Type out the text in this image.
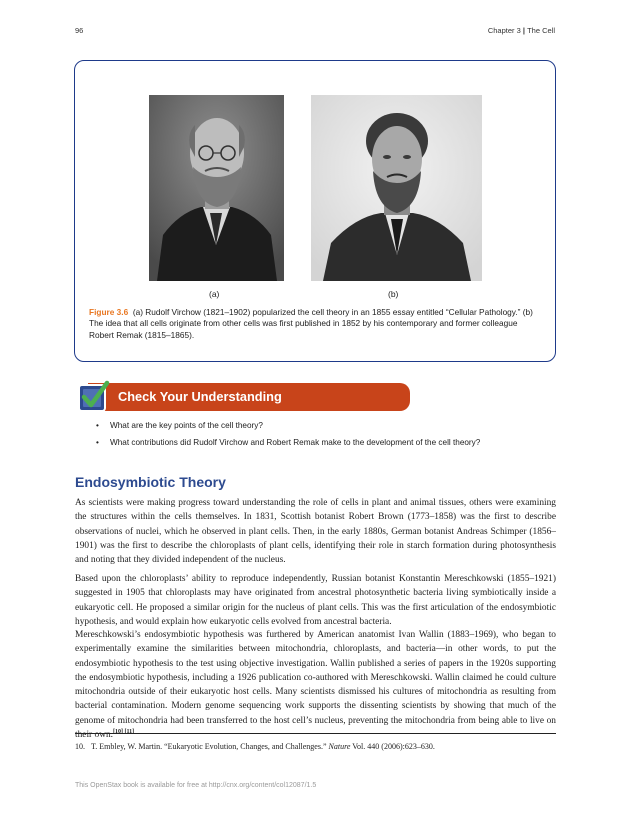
96	Chapter 3 | The Cell
(a)	(b)

Figure 3.6 (a) Rudolf Virchow (1821–1902) popularized the cell theory in an 1855 essay entitled “Cellular Pathology.” (b) The idea that all cells originate from other cells was first published in 1852 by his contemporary and former colleague Robert Remak (1815–1865).

Check Your Understanding
• What are the key points of the cell theory?
• What contributions did Rudolf Virchow and Robert Remak make to the development of the cell theory?
Endosymbiotic Theory

As scientists were making progress toward understanding the role of cells in plant and animal tissues, others were examining the structures within the cells themselves. In 1831, Scottish botanist Robert Brown (1773–1858) was the first to describe observations of nuclei, which he observed in plant cells. Then, in the early 1880s, German botanist Andreas Schimper (1856–1901) was the first to describe the chloroplasts of plant cells, identifying their role in starch formation during photosynthesis and noting that they divided independent of the nucleus.

Based upon the chloroplasts’ ability to reproduce independently, Russian botanist Konstantin Mereschkowski (1855–1921) suggested in 1905 that chloroplasts may have originated from ancestral photosynthetic bacteria living symbiotically inside a eukaryotic cell. He proposed a similar origin for the nucleus of plant cells. This was the first articulation of the endosymbiotic hypothesis, and would explain how eukaryotic cells evolved from ancestral bacteria.

Mereschkowski’s endosymbiotic hypothesis was furthered by American anatomist Ivan Wallin (1883–1969), who began to experimentally examine the similarities between mitochondria, chloroplasts, and bacteria—in other words, to put the endosymbiotic hypothesis to the test using objective investigation. Wallin published a series of papers in the 1920s supporting the endosymbiotic hypothesis, including a 1926 publication co-authored with Mereschkowski. Wallin claimed he could culture mitochondria outside of their eukaryotic host cells. Many scientists dismissed his cultures of mitochondria as resulting from bacterial contamination. Modern genome sequencing work supports the dissenting scientists by showing that much of the genome of mitochondria had been transferred to the host cell’s nucleus, preventing the mitochondria from being able to live on their own.[10] [11]

10. T. Embley, W. Martin. “Eukaryotic Evolution, Changes, and Challenges.” Nature Vol. 440 (2006):623–630.

This OpenStax book is available for free at http://cnx.org/content/col12087/1.5
